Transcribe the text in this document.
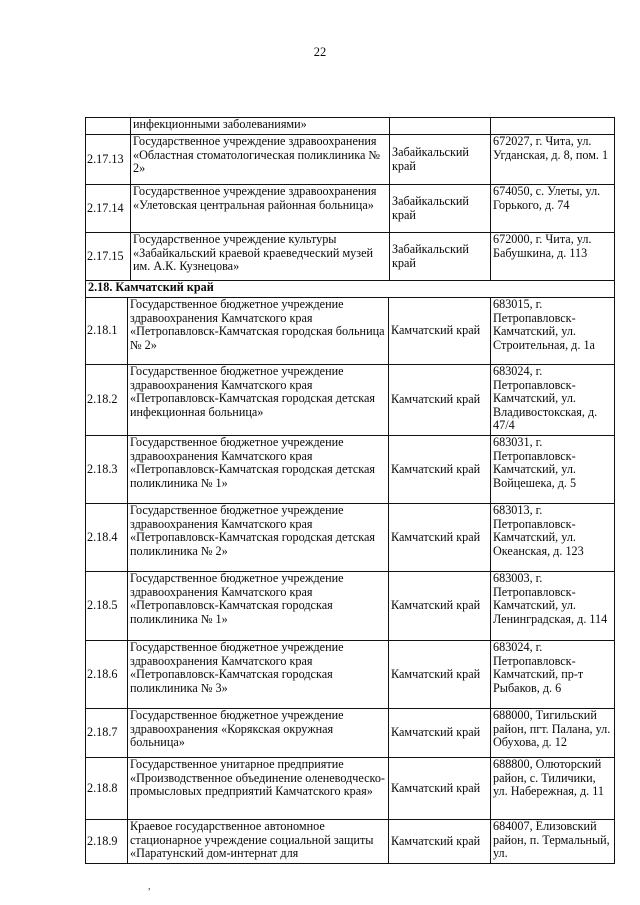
22
	инфекционными заболеваниями»		
2.17.13	Государственное учреждение здравоохранения «Областная стоматологическая поликлиника № 2»	Забайкальский край	672027, г. Чита, ул. Угданская, д. 8, пом. 1
2.17.14	Государственное учреждение здравоохранения «Улетовская центральная районная больница»	Забайкальский край	674050, с. Улеты, ул. Горького, д. 74
2.17.15	Государственное учреждение культуры «Забайкальский краевой краеведческий музей им. А.К. Кузнецова»	Забайкальский край	672000, г. Чита, ул. Бабушкина, д. 113
2.18. Камчатский край			
2.18.1	Государственное бюджетное учреждение здравоохранения Камчатского края «Петропавловск-Камчатская городская больница № 2»	Камчатский край	683015, г. Петропавловск-Камчатский, ул. Строительная, д. 1а
2.18.2	Государственное бюджетное учреждение здравоохранения Камчатского края «Петропавловск-Камчатская городская детская инфекционная больница»	Камчатский край	683024, г. Петропавловск-Камчатский, ул. Владивостокская, д. 47/4
2.18.3	Государственное бюджетное учреждение здравоохранения Камчатского края «Петропавловск-Камчатская городская детская поликлиника № 1»	Камчатский край	683031, г. Петропавловск-Камчатский, ул. Войцешека, д. 5
2.18.4	Государственное бюджетное учреждение здравоохранения Камчатского края «Петропавловск-Камчатская городская детская поликлиника № 2»	Камчатский край	683013, г. Петропавловск-Камчатский, ул. Океанская, д. 123
2.18.5	Государственное бюджетное учреждение здравоохранения Камчатского края «Петропавловск-Камчатская городская поликлиника № 1»	Камчатский край	683003, г. Петропавловск-Камчатский, ул. Ленинградская, д. 114
2.18.6	Государственное бюджетное учреждение здравоохранения Камчатского края «Петропавловск-Камчатская городская поликлиника № 3»	Камчатский край	683024, г. Петропавловск-Камчатский, пр-т Рыбаков, д. 6
2.18.7	Государственное бюджетное учреждение здравоохранения «Корякская окружная больница»	Камчатский край	688000, Тигильский район, пгт. Палана, ул. Обухова, д. 12
2.18.8	Государственное унитарное предприятие «Производственное объединение оленеводческо-промысловых предприятий Камчатского края»	Камчатский край	688800, Олюторский район, с. Тиличики, ул. Набережная, д. 11
2.18.9	Краевое государственное автономное стационарное учреждение социальной защиты «Паратунский дом-интернат для	Камчатский край	684007, Елизовский район, п. Термальный, ул.
,
